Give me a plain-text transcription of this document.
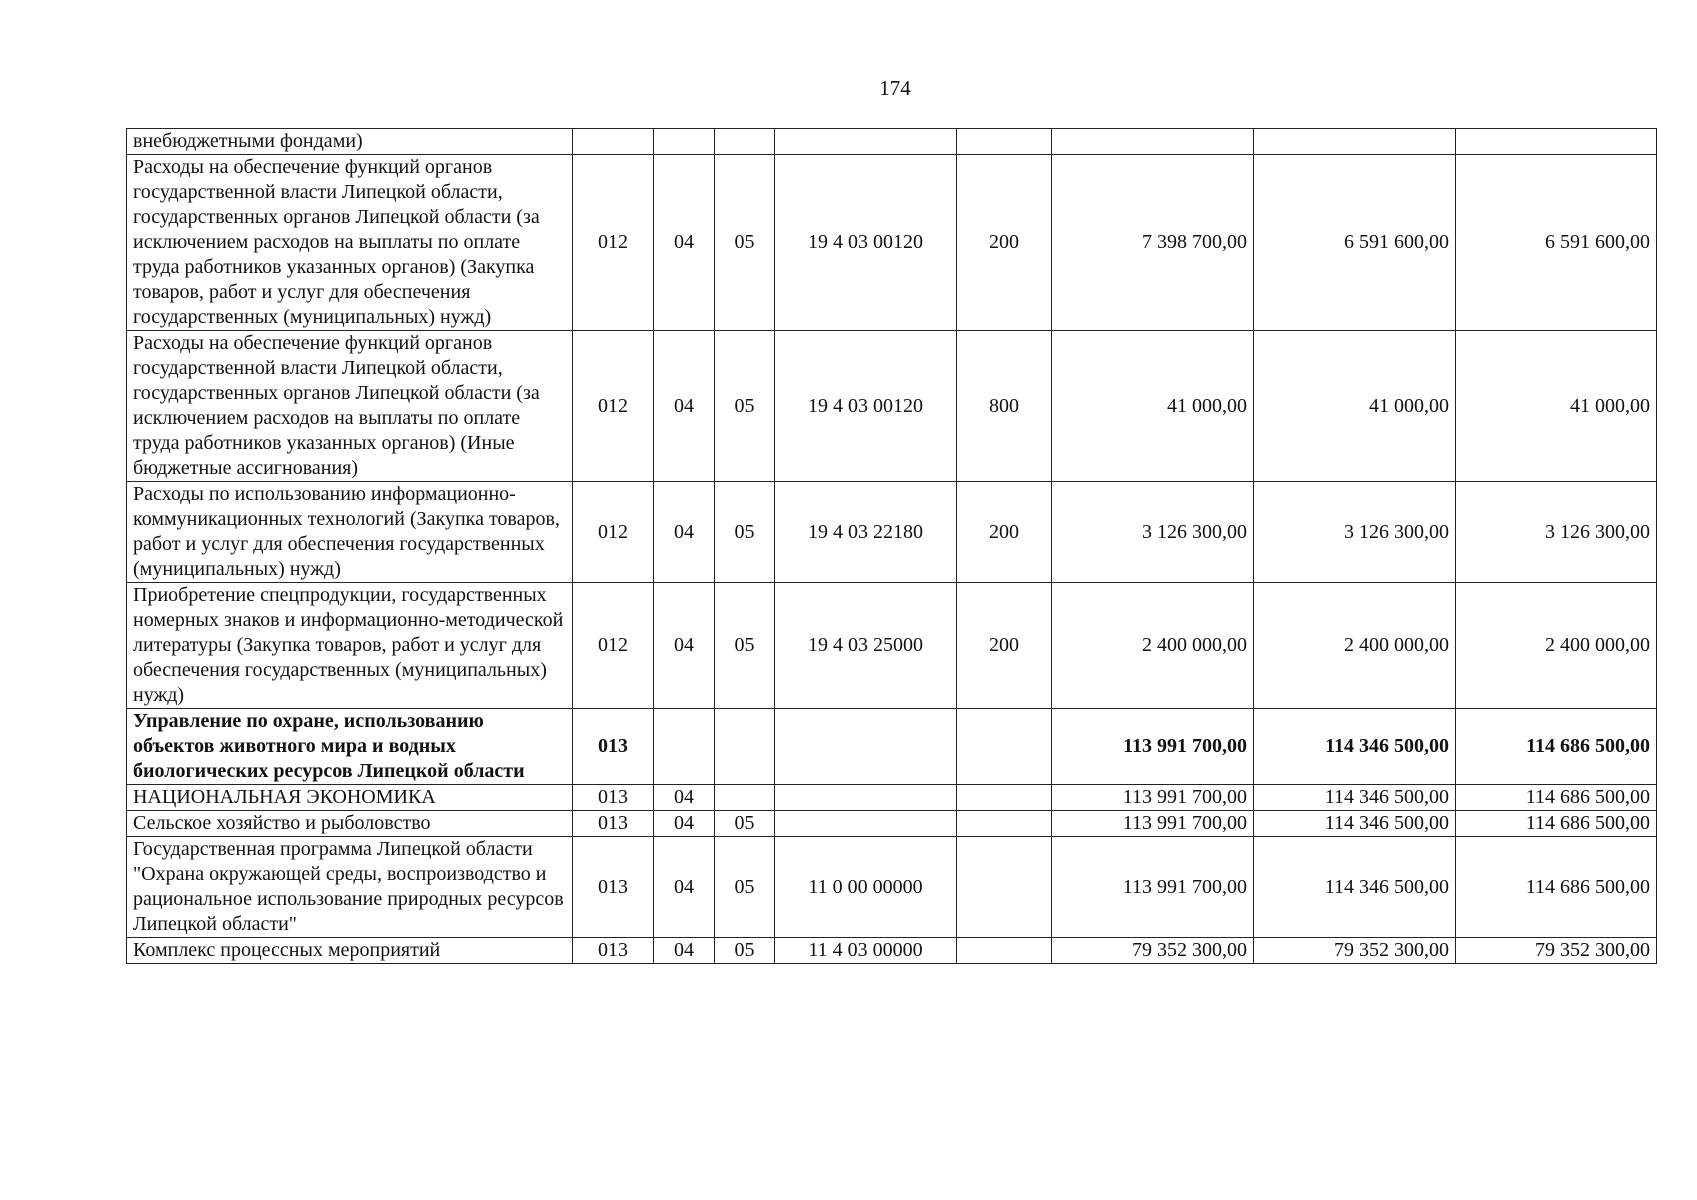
174
внебюджетными фондами)								
Расходы на обеспечение функций органов государственной власти Липецкой области, государственных органов Липецкой области (за исключением расходов на выплаты по оплате труда работников указанных органов) (Закупка товаров, работ и услуг для обеспечения государственных (муниципальных) нужд)	012	04	05	19 4 03 00120	200	7 398 700,00	6 591 600,00	6 591 600,00
Расходы на обеспечение функций органов государственной власти Липецкой области, государственных органов Липецкой области (за исключением расходов на выплаты по оплате труда работников указанных органов) (Иные бюджетные ассигнования)	012	04	05	19 4 03 00120	800	41 000,00	41 000,00	41 000,00
Расходы по использованию информационно-коммуникационных технологий (Закупка товаров, работ и услуг для обеспечения государственных (муниципальных) нужд)	012	04	05	19 4 03 22180	200	3 126 300,00	3 126 300,00	3 126 300,00
Приобретение спецпродукции, государственных номерных знаков и информационно-методической литературы (Закупка товаров, работ и услуг для обеспечения государственных (муниципальных) нужд)	012	04	05	19 4 03 25000	200	2 400 000,00	2 400 000,00	2 400 000,00
Управление по охране, использованию объектов животного мира и водных биологических ресурсов Липецкой области	013					113 991 700,00	114 346 500,00	114 686 500,00
НАЦИОНАЛЬНАЯ ЭКОНОМИКА	013	04				113 991 700,00	114 346 500,00	114 686 500,00
Сельское хозяйство и рыболовство	013	04	05			113 991 700,00	114 346 500,00	114 686 500,00
Государственная программа Липецкой области "Охрана окружающей среды, воспроизводство и рациональное использование природных ресурсов Липецкой области"	013	04	05	11 0 00 00000		113 991 700,00	114 346 500,00	114 686 500,00
Комплекс процессных мероприятий	013	04	05	11 4 03 00000		79 352 300,00	79 352 300,00	79 352 300,00
